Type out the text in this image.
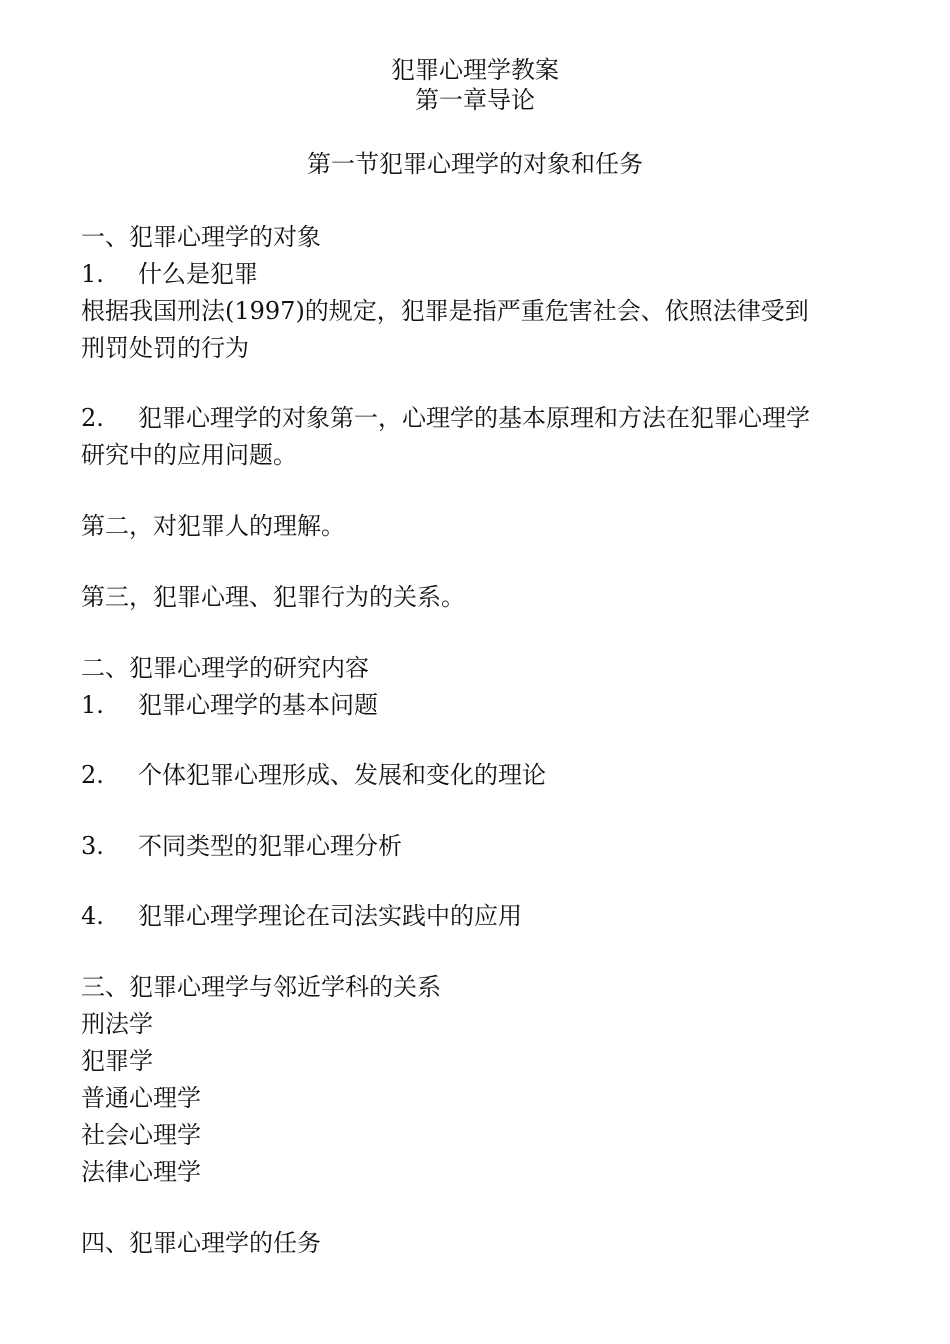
犯罪心理学教案
第一章导论
第一节犯罪心理学的对象和任务
一、犯罪心理学的对象
1. 什么是犯罪
根据我国刑法(1997)的规定，犯罪是指严重危害社会、依照法律受到
刑罚处罚的行为
2. 犯罪心理学的对象第一，心理学的基本原理和方法在犯罪心理学
研究中的应用问题。
第二，对犯罪人的理解。
第三，犯罪心理、犯罪行为的关系。
二、犯罪心理学的研究内容
1. 犯罪心理学的基本问题
2. 个体犯罪心理形成、发展和变化的理论
3. 不同类型的犯罪心理分析
4. 犯罪心理学理论在司法实践中的应用
三、犯罪心理学与邻近学科的关系
刑法学
犯罪学
普通心理学
社会心理学
法律心理学
四、犯罪心理学的任务
